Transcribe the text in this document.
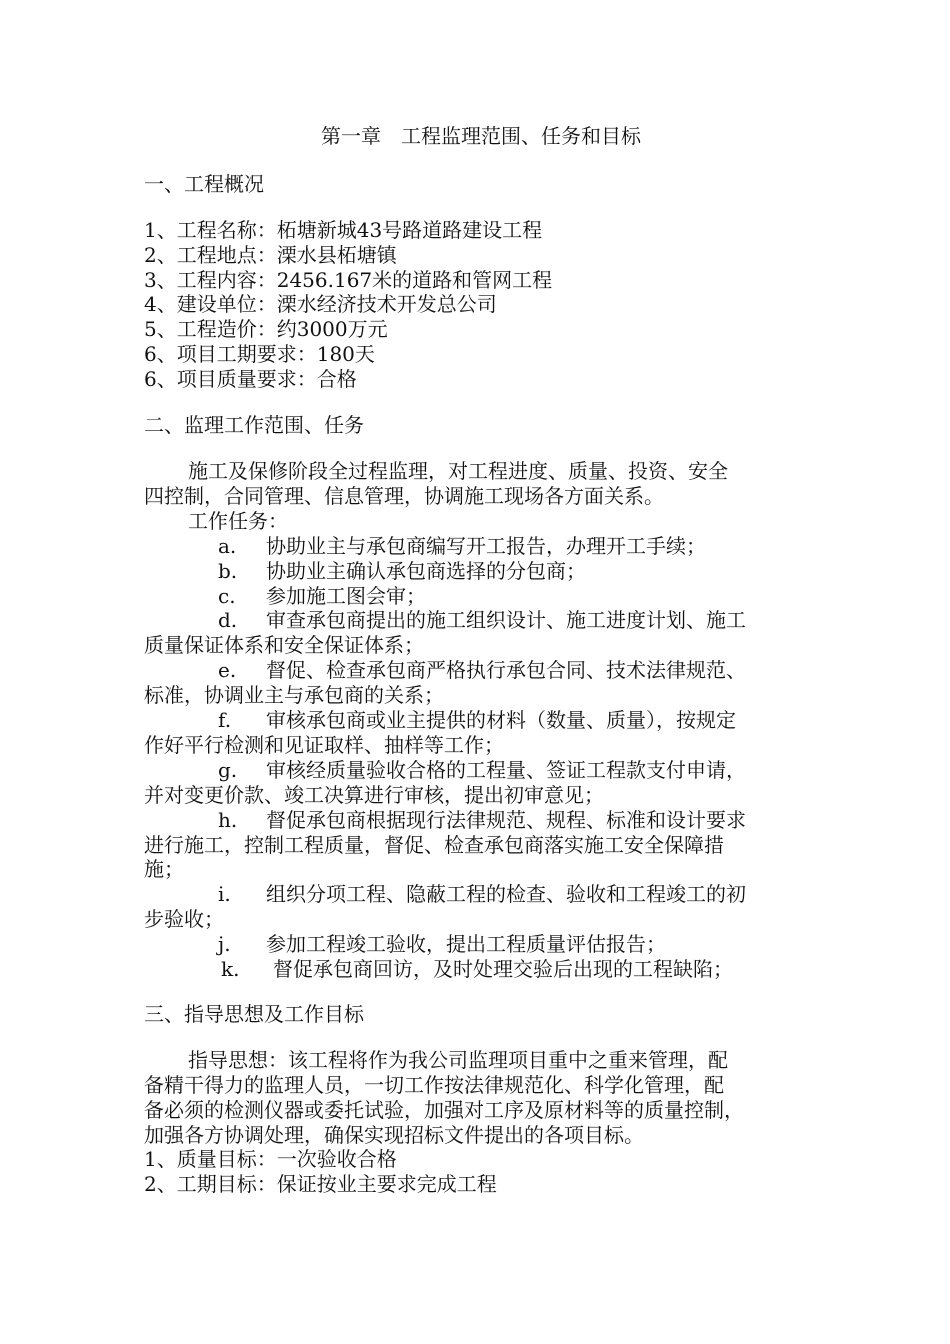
第一章　工程监理范围、任务和目标
一、工程概况
1、工程名称：柘塘新城43号路道路建设工程
2、工程地点：溧水县柘塘镇
3、工程内容：2456.167米的道路和管网工程
4、建设单位：溧水经济技术开发总公司
5、工程造价：约3000万元
6、项目工期要求：180天
6、项目质量要求：合格
二、监理工作范围、任务
施工及保修阶段全过程监理，对工程进度、质量、投资、安全
四控制，合同管理、信息管理，协调施工现场各方面关系。
工作任务：
a. 协助业主与承包商编写开工报告，办理开工手续；
b. 协助业主确认承包商选择的分包商；
c. 参加施工图会审；
d. 审查承包商提出的施工组织设计、施工进度计划、施工
质量保证体系和安全保证体系；
e. 督促、检查承包商严格执行承包合同、技术法律规范、
标准，协调业主与承包商的关系；
f. 审核承包商或业主提供的材料（数量、质量），按规定
作好平行检测和见证取样、抽样等工作；
g. 审核经质量验收合格的工程量、签证工程款支付申请，
并对变更价款、竣工决算进行审核，提出初审意见；
h. 督促承包商根据现行法律规范、规程、标准和设计要求
进行施工，控制工程质量，督促、检查承包商落实施工安全保障措
施；
i. 组织分项工程、隐蔽工程的检查、验收和工程竣工的初
步验收；
j. 参加工程竣工验收，提出工程质量评估报告；
k. 督促承包商回访，及时处理交验后出现的工程缺陷；
三、指导思想及工作目标
指导思想：该工程将作为我公司监理项目重中之重来管理，配
备精干得力的监理人员，一切工作按法律规范化、科学化管理，配
备必须的检测仪器或委托试验，加强对工序及原材料等的质量控制，
加强各方协调处理，确保实现招标文件提出的各项目标。
1、质量目标：一次验收合格
2、工期目标：保证按业主要求完成工程
